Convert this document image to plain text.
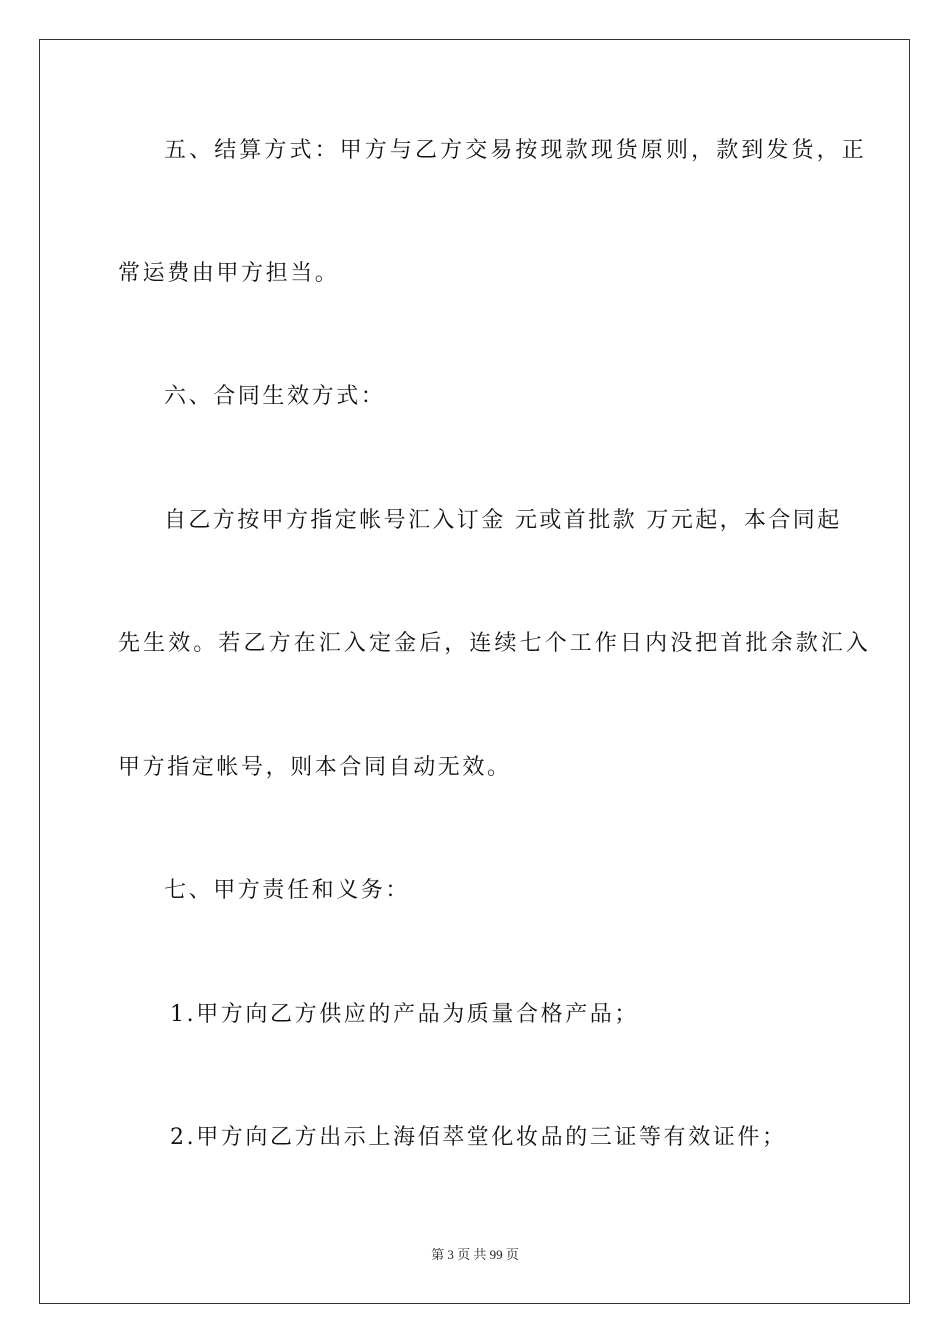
五、结算方式：甲方与乙方交易按现款现货原则，款到发货，正
常运费由甲方担当。
六、合同生效方式：
自乙方按甲方指定帐号汇入订金 元或首批款 万元起，本合同起
先生效。若乙方在汇入定金后，连续七个工作日内没把首批余款汇入
甲方指定帐号，则本合同自动无效。
七、甲方责任和义务：
1.甲方向乙方供应的产品为质量合格产品；
2.甲方向乙方出示上海佰萃堂化妆品的三证等有效证件；
第 3 页 共 99 页
